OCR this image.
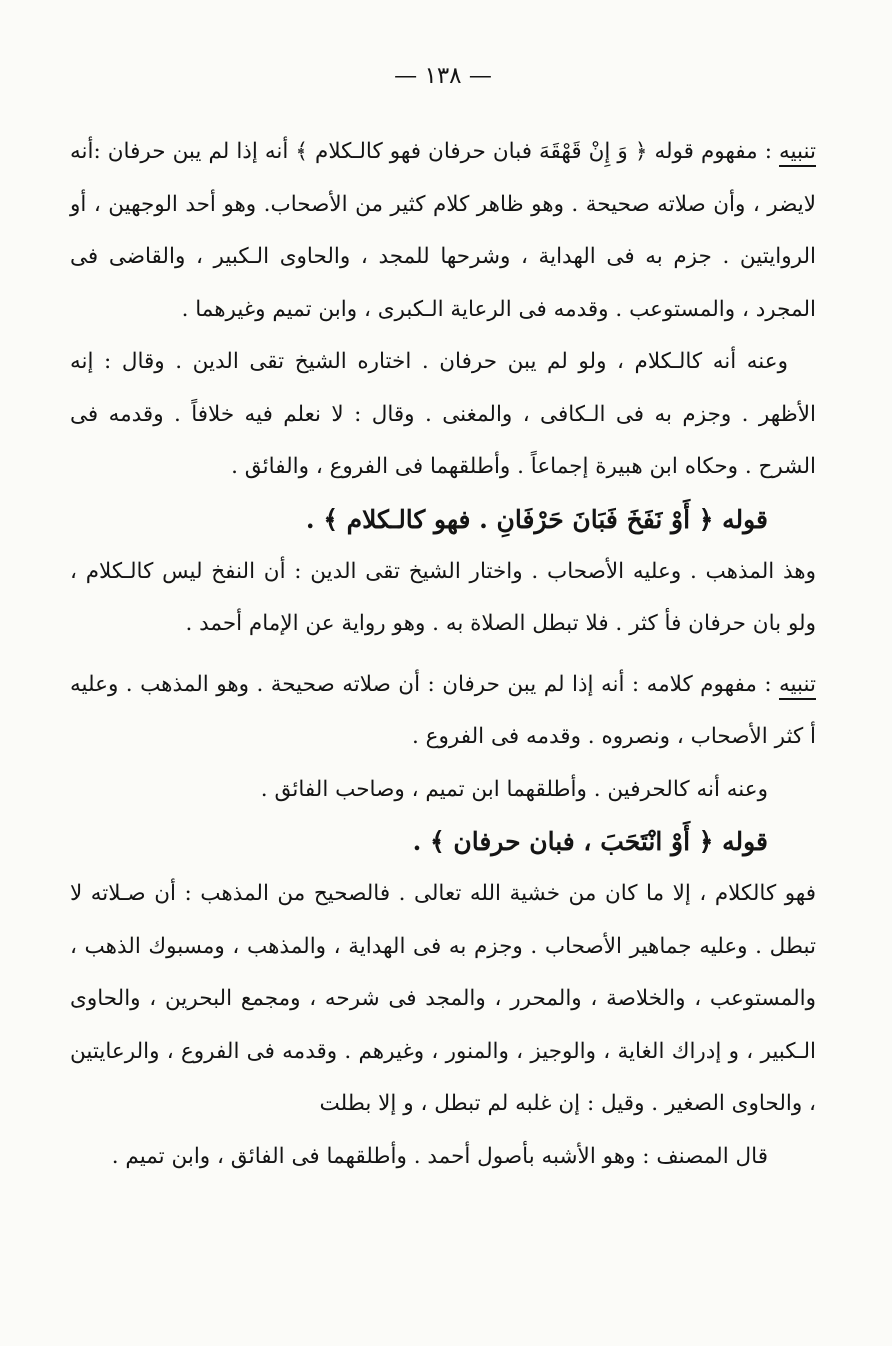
— ١٣٨ —

تنبيه : مفهوم قوله ﴿ وَ إِنْ قَهْقَهَ فبان حرفان فهو كالـكلام ﴾ أنه إذا لم يبن حرفان :أنه لايضر ، وأن صلاته صحيحة . وهو ظاهر كلام كثير من الأصحاب. وهو أحد الوجهين ، أو الروايتين . جزم به فى الهداية ، وشرحها للمجد ، والحاوى الـكبير ، والقاضى فى المجرد ، والمستوعب . وقدمه فى الرعاية الـكبرى ، وابن تميم وغيرهما .

وعنه أنه كالـكلام ، ولو لم يبن حرفان . اختاره الشيخ تقى الدين . وقال : إنه الأظهر . وجزم به فى الـكافى ، والمغنى . وقال : لا نعلم فيه خلافاً . وقدمه فى الشرح . وحكاه ابن هبيرة إجماعاً . وأطلقهما فى الفروع ، والفائق .

قوله ﴿ أَوْ نَفَخَ فَبَانَ حَرْفَانِ . فهو كالـكلام ﴾ .

وهذ المذهب . وعليه الأصحاب . واختار الشيخ تقى الدين : أن النفخ ليس كالـكلام ، ولو بان حرفان فأ كثر . فلا تبطل الصلاة به . وهو رواية عن الإمام أحمد .

تنبيه : مفهوم كلامه : أنه إذا لم يبن حرفان : أن صلاته صحيحة . وهو المذهب . وعليه أ كثر الأصحاب ، ونصروه . وقدمه فى الفروع .

وعنه أنه كالحرفين . وأطلقهما ابن تميم ، وصاحب الفائق .

قوله ﴿ أَوْ انْتَحَبَ ، فبان حرفان ﴾ .

فهو كالكلام ، إلا ما كان من خشية الله تعالى . فالصحيح من المذهب : أن صـلاته لا تبطل . وعليه جماهير الأصحاب . وجزم به فى الهداية ، والمذهب ، ومسبوك الذهب ، والمستوعب ، والخلاصة ، والمحرر ، والمجد فى شرحه ، ومجمع البحرين ، والحاوى الـكبير ، و إدراك الغاية ، والوجيز ، والمنور ، وغيرهم . وقدمه فى الفروع ، والرعايتين ، والحاوى الصغير . وقيل : إن غلبه لم تبطل ، و إلا بطلت

قال المصنف : وهو الأشبه بأصول أحمد . وأطلقهما فى الفائق ، وابن تميم .
